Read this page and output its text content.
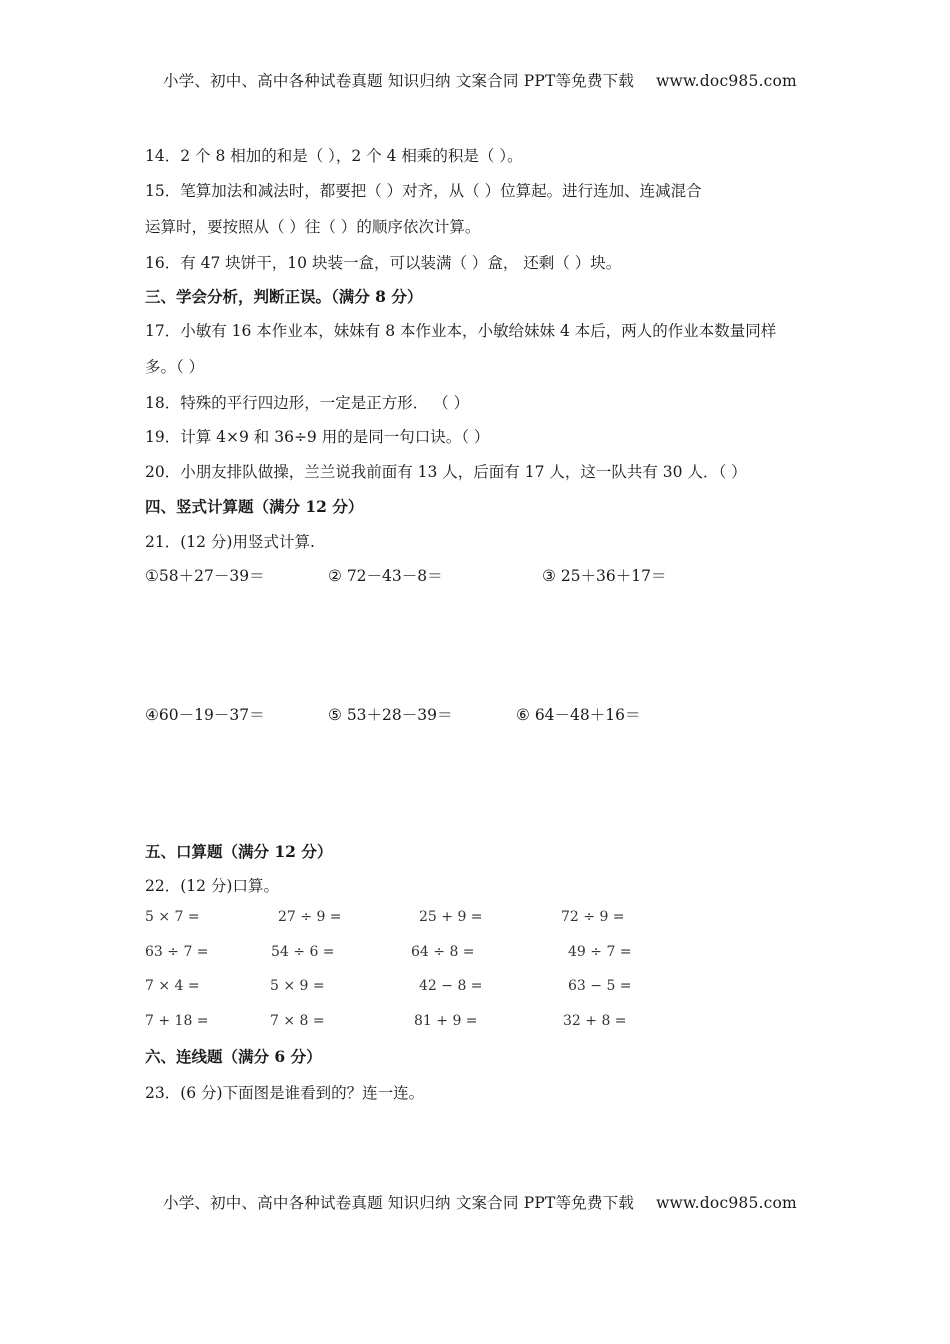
小学、初中、高中各种试卷真题 知识归纳 文案合同 PPT等免费下载 www.doc985.com
14．2 个 8 相加的和是（ ），2 个 4 相乘的积是（ ）。
15．笔算加法和减法时，都要把（ ）对齐，从（ ）位算起。进行连加、连减混合
运算时，要按照从（ ）往（ ）的顺序依次计算。
16．有 47 块饼干，10 块装一盒，可以装满（ ）盒， 还剩（ ）块。
三、学会分析，判断正误。（满分 8 分）
17．小敏有 16 本作业本，妹妹有 8 本作业本，小敏给妹妹 4 本后，两人的作业本数量同样
多。（ ）
18．特殊的平行四边形，一定是正方形． （ ）
19．计算 4×9 和 36÷9 用的是同一句口诀。（ ）
20．小朋友排队做操，兰兰说我前面有 13 人，后面有 17 人，这一队共有 30 人．（ ）
四、竖式计算题（满分 12 分）
21．(12 分)用竖式计算.
①58＋27－39＝	② 72－43－8＝	③ 25＋36＋17＝
④60－19－37＝	⑤ 53＋28－39＝	⑥ 64－48＋16＝
五、口算题（满分 12 分）
22．(12 分)口算。
5 × 7 =	27 ÷ 9 =	25 + 9 =	72 ÷ 9 =
63 ÷ 7 =	54 ÷ 6 =	64 ÷ 8 =	49 ÷ 7 =
7 × 4 =	5 × 9 =	42 − 8 =	63 − 5 =
7 + 18 =	7 × 8 =	81 + 9 =	32 + 8 =
六、连线题（满分 6 分）
23．(6 分)下面图是谁看到的？连一连。
小学、初中、高中各种试卷真题 知识归纳 文案合同 PPT等免费下载 www.doc985.com
